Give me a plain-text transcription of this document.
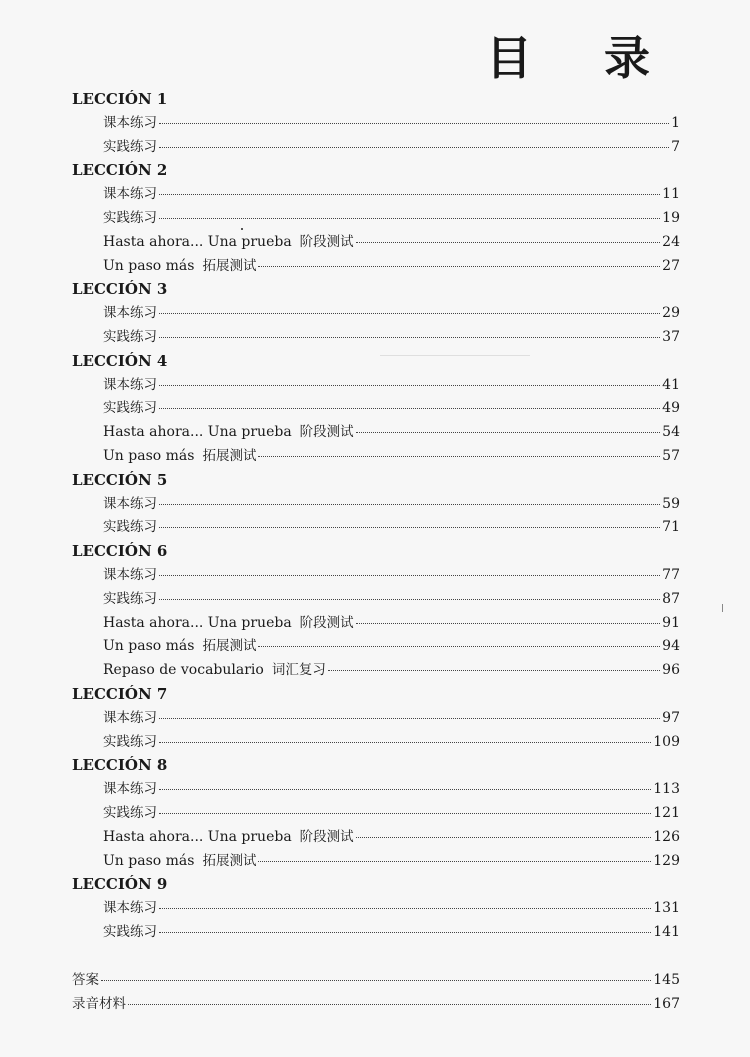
目 录
LECCIÓN 1
课本练习	1
实践练习	7
LECCIÓN 2
课本练习	11
实践练习	19
Hasta ahora... Una prueba 阶段测试	24
Un paso más 拓展测试	27
LECCIÓN 3
课本练习	29
实践练习	37
LECCIÓN 4
课本练习	41
实践练习	49
Hasta ahora... Una prueba 阶段测试	54
Un paso más 拓展测试	57
LECCIÓN 5
课本练习	59
实践练习	71
LECCIÓN 6
课本练习	77
实践练习	87
Hasta ahora... Una prueba 阶段测试	91
Un paso más 拓展测试	94
Repaso de vocabulario 词汇复习	96
LECCIÓN 7
课本练习	97
实践练习	109
LECCIÓN 8
课本练习	113
实践练习	121
Hasta ahora... Una prueba 阶段测试	126
Un paso más 拓展测试	129
LECCIÓN 9
课本练习	131
实践练习	141
答案	145
录音材料	167
